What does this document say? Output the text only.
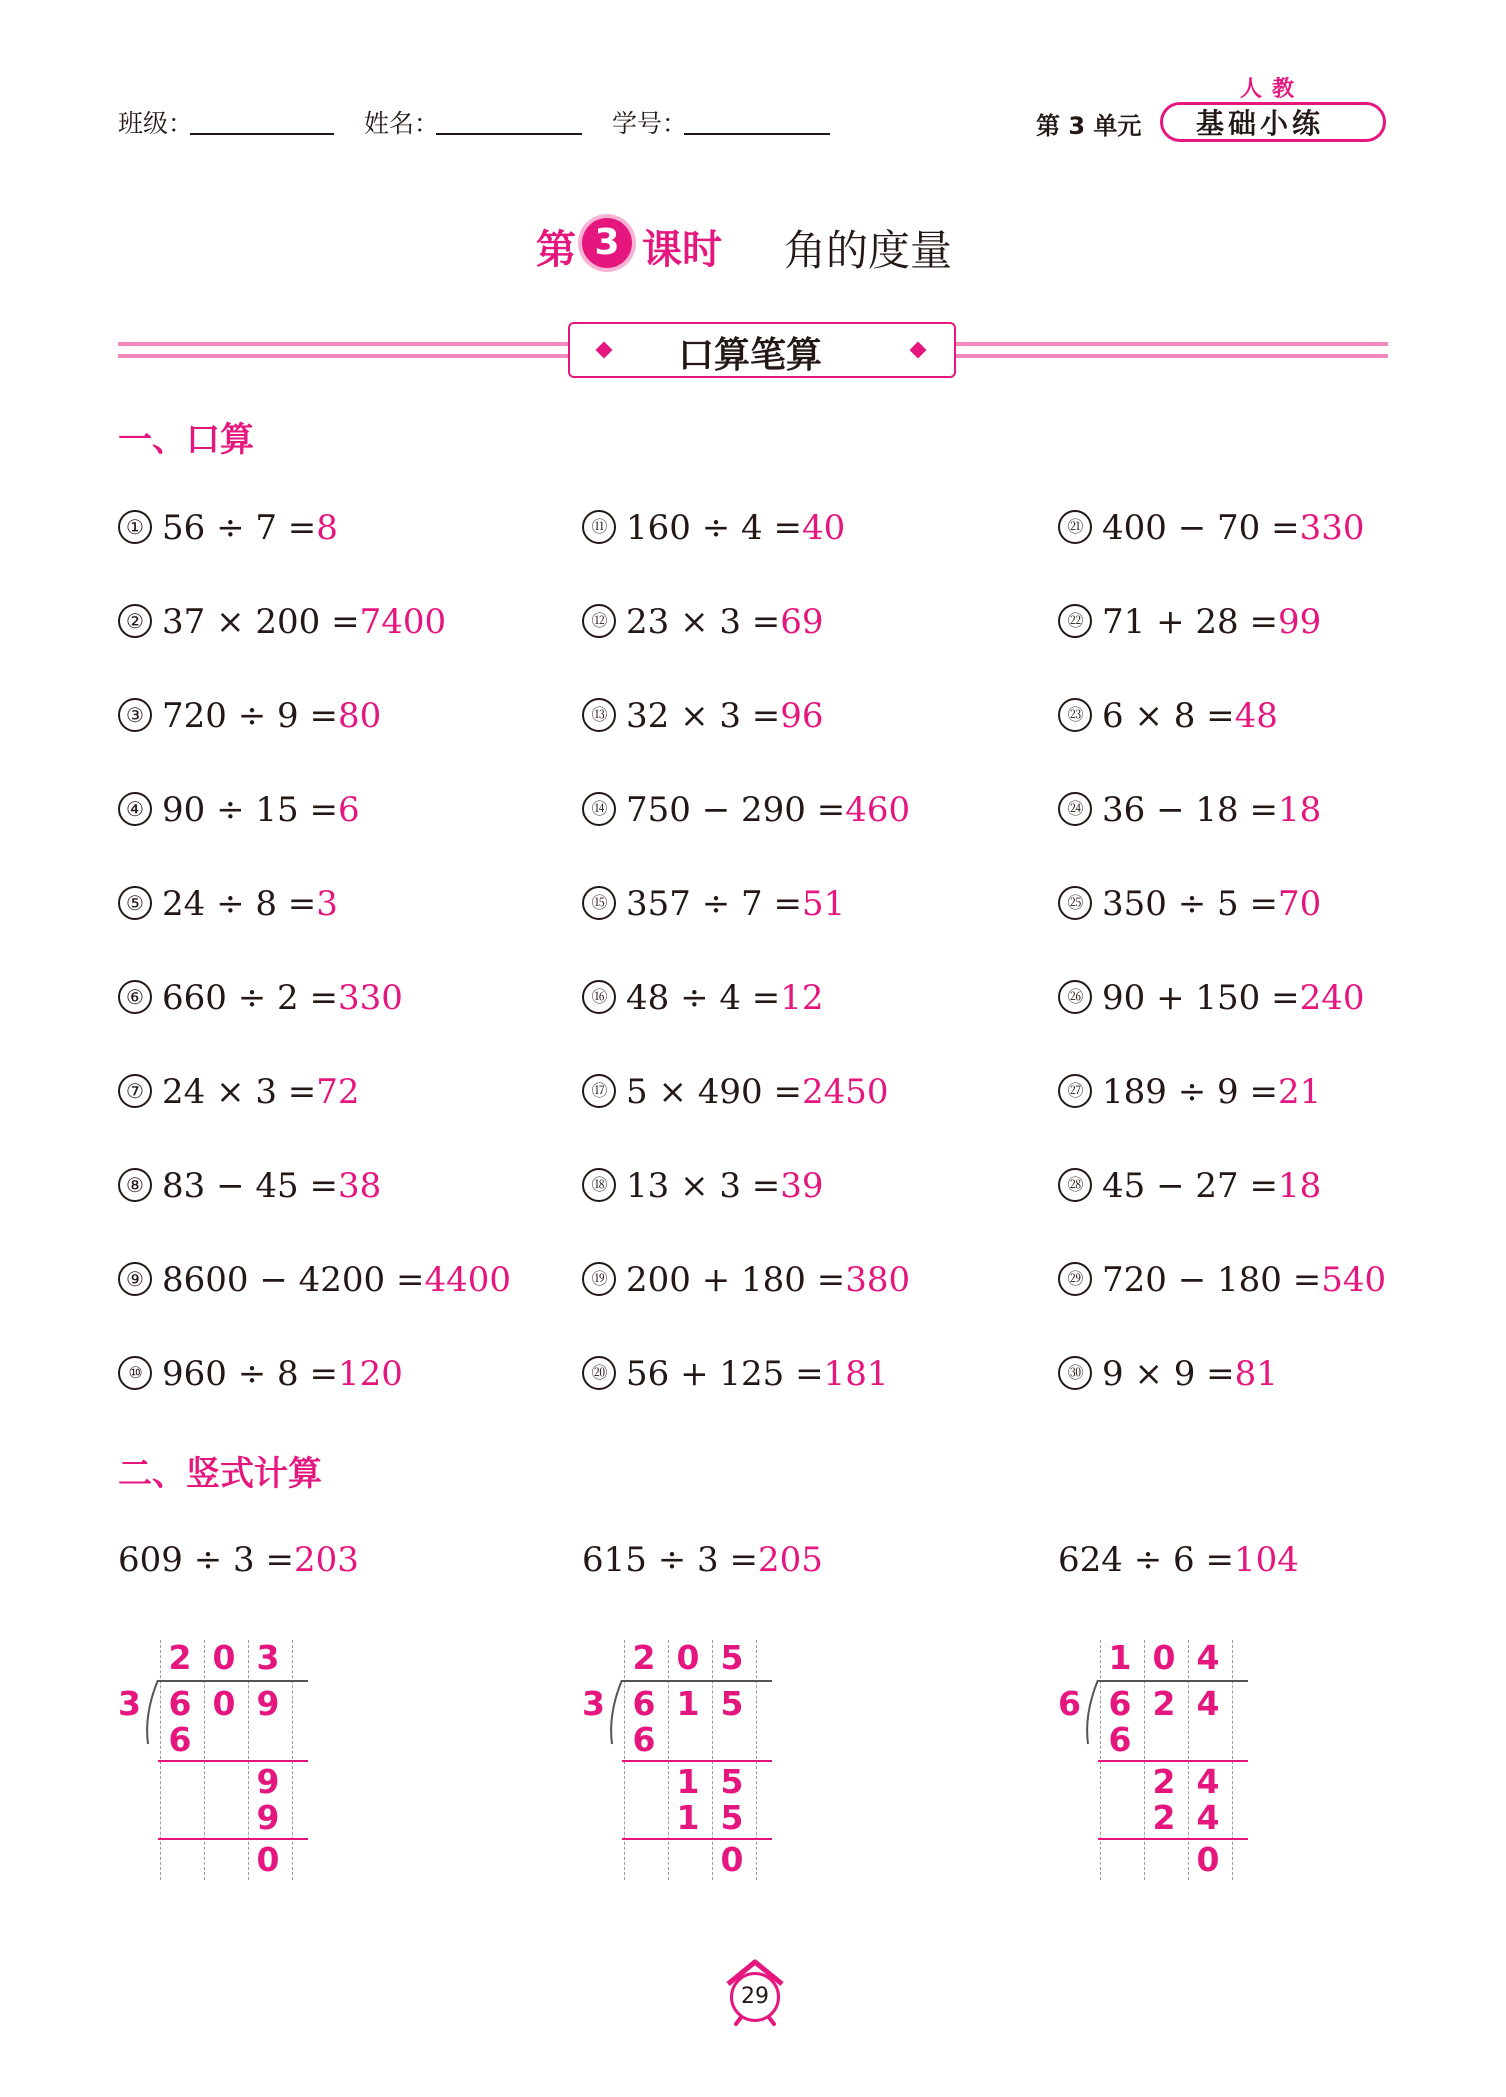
班级：	姓名：	学号：	第 3 单元
人教
基础小练
第 3 课时 角的度量
口算笔算
一、口算
① 56 ÷ 7 =8
② 37 × 200 =7400
③ 720 ÷ 9 =80
④ 90 ÷ 15 =6
⑤ 24 ÷ 8 =3
⑥ 660 ÷ 2 =330
⑦ 24 × 3 =72
⑧ 83 − 45 =38
⑨ 8600 − 4200 =4400
⑩ 960 ÷ 8 =120
⑪ 160 ÷ 4 =40
⑫ 23 × 3 =69
⑬ 32 × 3 =96
⑭ 750 − 290 =460
⑮ 357 ÷ 7 =51
⑯ 48 ÷ 4 =12
⑰ 5 × 490 =2450
⑱ 13 × 3 =39
⑲ 200 + 180 =380
⑳ 56 + 125 =181
㉑ 400 − 70 =330
㉒ 71 + 28 =99
㉓ 6 × 8 =48
㉔ 36 − 18 =18
㉕ 350 ÷ 5 =70
㉖ 90 + 150 =240
㉗ 189 ÷ 9 =21
㉘ 45 − 27 =18
㉙ 720 − 180 =540
㉚ 9 × 9 =81
二、竖式计算
609 ÷ 3 =203
3
2 0 3
6 0 9
6
9
9
0
615 ÷ 3 =205
3
2 0 5
6 1 5
6
1 5
1 5
0
624 ÷ 6 =104
6
1 0 4
6 2 4
6
2 4
2 4
0
29
